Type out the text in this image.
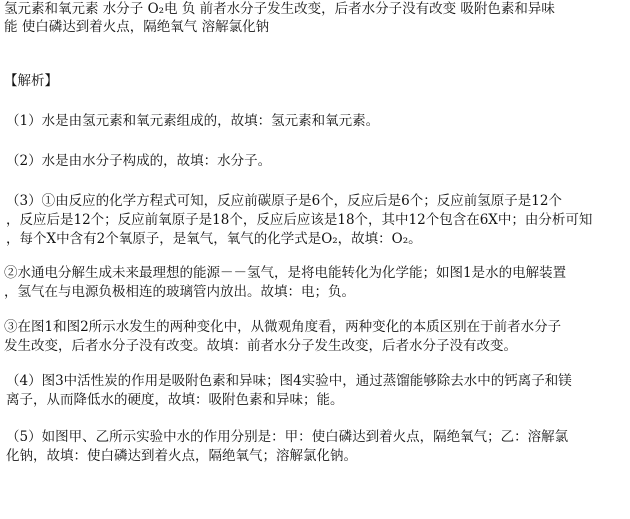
氢元素和氧元素 水分子 O₂电 负 前者水分子发生改变，后者水分子没有改变 吸附色素和异味
能 使白磷达到着火点，隔绝氧气 溶解氯化钠
【解析】
（1）水是由氢元素和氧元素组成的，故填：氢元素和氧元素。
（2）水是由水分子构成的，故填：水分子。
（3）①由反应的化学方程式可知，反应前碳原子是6个，反应后是6个；反应前氢原子是12个
，反应后是12个；反应前氧原子是18个，反应后应该是18个，其中12个包含在6X中；由分析可知
，每个X中含有2个氧原子，是氧气，氧气的化学式是O₂，故填：O₂。
②水通电分解生成未来最理想的能源－－氢气，是将电能转化为化学能；如图1是水的电解装置
，氢气在与电源负极相连的玻璃管内放出。故填：电；负。
③在图1和图2所示水发生的两种变化中，从微观角度看，两种变化的本质区别在于前者水分子
发生改变，后者水分子没有改变。故填：前者水分子发生改变，后者水分子没有改变。
（4）图3中活性炭的作用是吸附色素和异味；图4实验中，通过蒸馏能够除去水中的钙离子和镁
离子，从而降低水的硬度，故填：吸附色素和异味；能。
（5）如图甲、乙所示实验中水的作用分别是：甲：使白磷达到着火点，隔绝氧气；乙：溶解氯
化钠，故填：使白磷达到着火点，隔绝氧气；溶解氯化钠。
